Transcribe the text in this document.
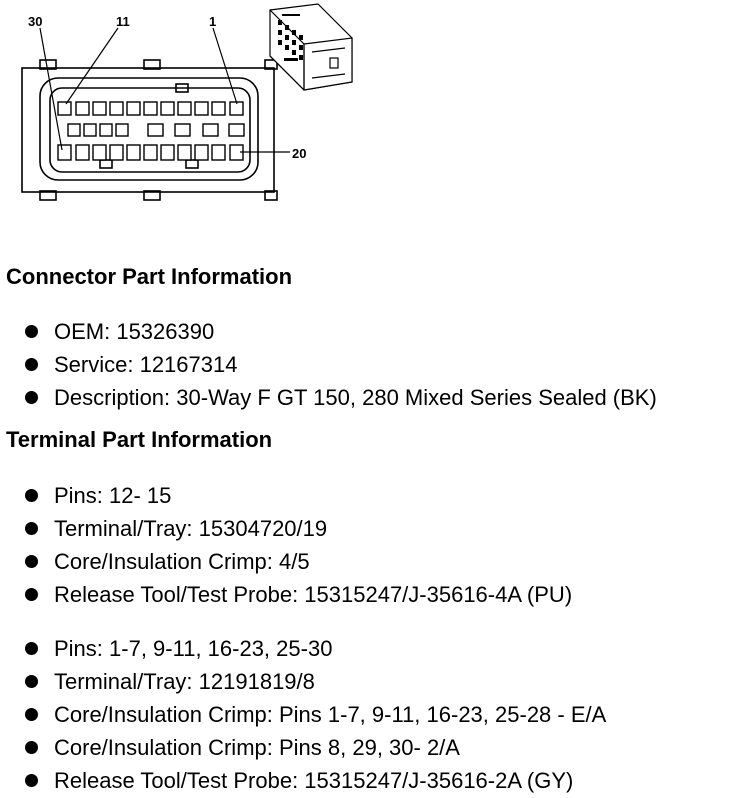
30	11	1
20
Connector Part Information
OEM: 15326390
Service: 12167314
Description: 30-Way F GT 150, 280 Mixed Series Sealed (BK)
Terminal Part Information
Pins: 12- 15
Terminal/Tray: 15304720/19
Core/Insulation Crimp: 4/5
Release Tool/Test Probe: 15315247/J-35616-4A (PU)
Pins: 1-7, 9-11, 16-23, 25-30
Terminal/Tray: 12191819/8
Core/Insulation Crimp: Pins 1-7, 9-11, 16-23, 25-28 - E/A
Core/Insulation Crimp: Pins 8, 29, 30- 2/A
Release Tool/Test Probe: 15315247/J-35616-2A (GY)
